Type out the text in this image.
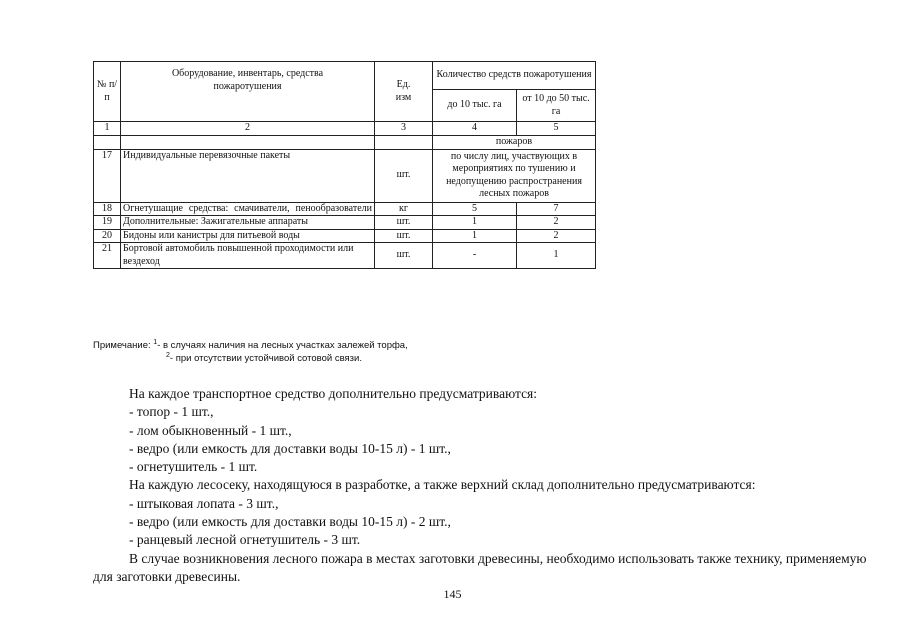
№ п/п	Оборудование, инвентарь, средства пожаротушения	Ед. изм	Количество средств пожаротушения	
			до 10 тыс. га	от 10 до 50 тыс. га
1	2	3	4	5
			пожаров	
17	Индивидуальные перевязочные пакеты	шт.	по числу лиц, участвующих в мероприятиях по тушению и недопущению распространения лесных пожаров	
18	Огнетушащие средства: смачиватели, пенообразователи	кг	5	7
19	Дополнительные: Зажигательные аппараты	шт.	1	2
20	Бидоны или канистры для питьевой воды	шт.	1	2
21	Бортовой автомобиль повышенной проходимости или вездеход	шт.	-	1
Примечание: $^1$- в случаях наличия на лесных участках залежей торфа,
$^2$- при отсутствии устойчивой сотовой связи.

На каждое транспортное средство дополнительно предусматриваются:

- топор - 1 шт.,

- лом обыкновенный - 1 шт.,

- ведро (или емкость для доставки воды 10-15 л) - 1 шт.,

- огнетушитель - 1 шт.

На каждую лесосеку, находящуюся в разработке, а также верхний склад дополнительно предусматриваются:

- штыковая лопата - 3 шт.,

- ведро (или емкость для доставки воды 10-15 л) - 2 шт.,

- ранцевый лесной огнетушитель - 3 шт.

В случае возникновения лесного пожара в местах заготовки древесины, необходимо использовать также технику, применяемую для заготовки древесины.

145
